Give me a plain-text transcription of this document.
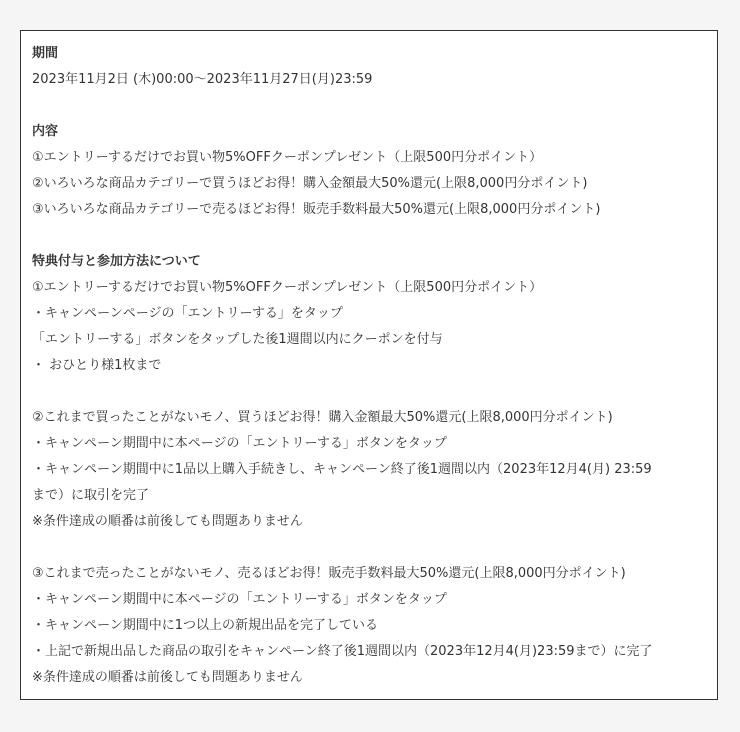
期間
2023年11月2日 (木)00:00～2023年11月27日(月)23:59
内容
①エントリーするだけでお買い物5%OFFクーポンプレゼント（上限500円分ポイント）
②いろいろな商品カテゴリーで買うほどお得！購入金額最大50%還元(上限8,000円分ポイント)
③いろいろな商品カテゴリーで売るほどお得！販売手数料最大50%還元(上限8,000円分ポイント)
特典付与と参加方法について
①エントリーするだけでお買い物5%OFFクーポンプレゼント（上限500円分ポイント）
・キャンペーンページの「エントリーする」をタップ
「エントリーする」ボタンをタップした後1週間以内にクーポンを付与
・ おひとり様1枚まで
②これまで買ったことがないモノ、買うほどお得！購入金額最大50%還元(上限8,000円分ポイント)
・キャンペーン期間中に本ページの「エントリーする」ボタンをタップ
・キャンペーン期間中に1品以上購入手続きし、キャンペーン終了後1週間以内（2023年12月4(月) 23:59
まで）に取引を完了
※条件達成の順番は前後しても問題ありません
③これまで売ったことがないモノ、売るほどお得！販売手数料最大50%還元(上限8,000円分ポイント)
・キャンペーン期間中に本ページの「エントリーする」ボタンをタップ
・キャンペーン期間中に1つ以上の新規出品を完了している
・上記で新規出品した商品の取引をキャンペーン終了後1週間以内（2023年12月4(月)23:59まで）に完了
※条件達成の順番は前後しても問題ありません
